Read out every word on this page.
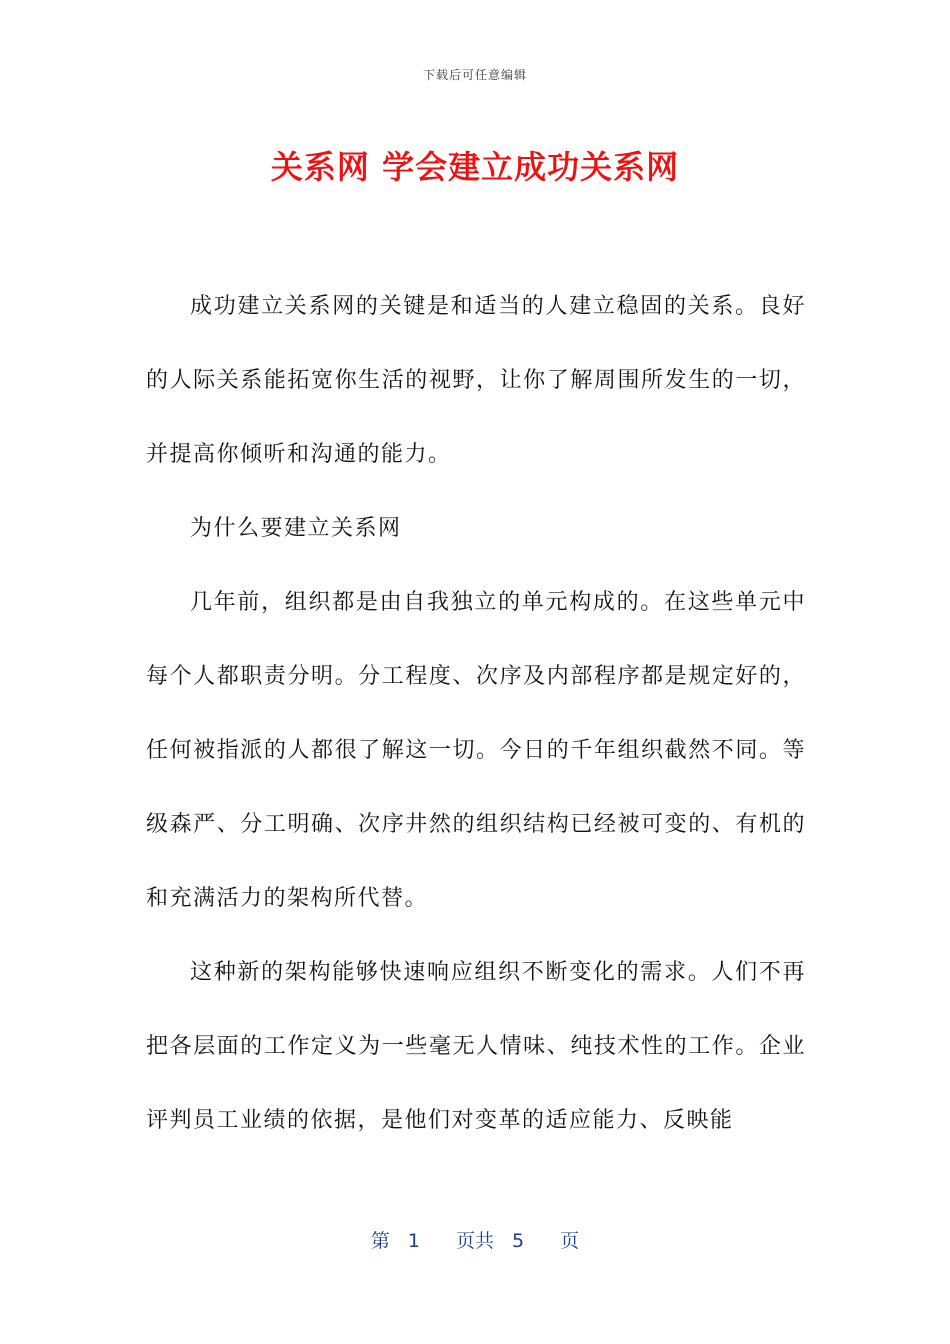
下载后可任意编辑
关系网 学会建立成功关系网

成功建立关系网的关键是和适当的人建立稳固的关系。良好的人际关系能拓宽你生活的视野，让你了解周围所发生的一切，并提高你倾听和沟通的能力。

为什么要建立关系网

几年前，组织都是由自我独立的单元构成的。在这些单元中每个人都职责分明。分工程度、次序及内部程序都是规定好的，任何被指派的人都很了解这一切。今日的千年组织截然不同。等级森严、分工明确、次序井然的组织结构已经被可变的、有机的和充满活力的架构所代替。

这种新的架构能够快速响应组织不断变化的需求。人们不再把各层面的工作定义为一些毫无人情味、纯技术性的工作。企业评判员工业绩的依据，是他们对变革的适应能力、反映能

第 1 页共 5 页
